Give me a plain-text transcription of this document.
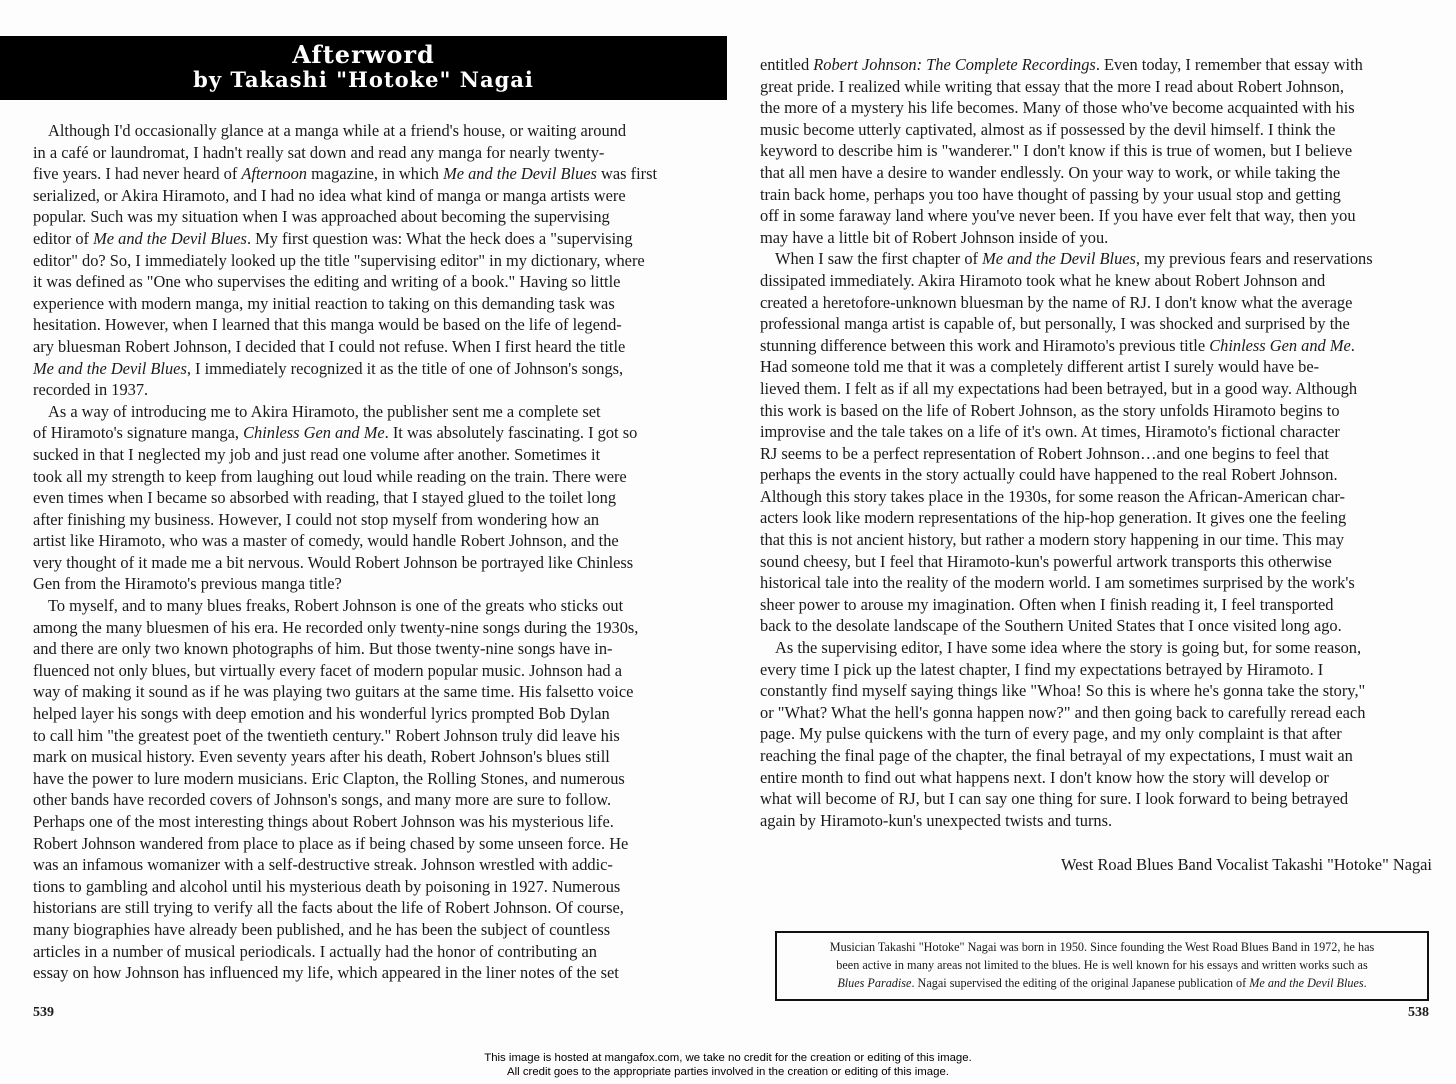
Afterword
by Takashi "Hotoke" Nagai
Although I'd occasionally glance at a manga while at a friend's house, or waiting around
in a café or laundromat, I hadn't really sat down and read any manga for nearly twenty-
five years. I had never heard of Afternoon magazine, in which Me and the Devil Blues was first
serialized, or Akira Hiramoto, and I had no idea what kind of manga or manga artists were
popular. Such was my situation when I was approached about becoming the supervising
editor of Me and the Devil Blues. My first question was: What the heck does a "supervising
editor" do? So, I immediately looked up the title "supervising editor" in my dictionary, where
it was defined as "One who supervises the editing and writing of a book." Having so little
experience with modern manga, my initial reaction to taking on this demanding task was
hesitation. However, when I learned that this manga would be based on the life of legend-
ary bluesman Robert Johnson, I decided that I could not refuse. When I first heard the title
Me and the Devil Blues, I immediately recognized it as the title of one of Johnson's songs,
recorded in 1937.
As a way of introducing me to Akira Hiramoto, the publisher sent me a complete set
of Hiramoto's signature manga, Chinless Gen and Me. It was absolutely fascinating. I got so
sucked in that I neglected my job and just read one volume after another. Sometimes it
took all my strength to keep from laughing out loud while reading on the train. There were
even times when I became so absorbed with reading, that I stayed glued to the toilet long
after finishing my business. However, I could not stop myself from wondering how an
artist like Hiramoto, who was a master of comedy, would handle Robert Johnson, and the
very thought of it made me a bit nervous. Would Robert Johnson be portrayed like Chinless
Gen from the Hiramoto's previous manga title?
To myself, and to many blues freaks, Robert Johnson is one of the greats who sticks out
among the many bluesmen of his era. He recorded only twenty-nine songs during the 1930s,
and there are only two known photographs of him. But those twenty-nine songs have in-
fluenced not only blues, but virtually every facet of modern popular music. Johnson had a
way of making it sound as if he was playing two guitars at the same time. His falsetto voice
helped layer his songs with deep emotion and his wonderful lyrics prompted Bob Dylan
to call him "the greatest poet of the twentieth century." Robert Johnson truly did leave his
mark on musical history. Even seventy years after his death, Robert Johnson's blues still
have the power to lure modern musicians. Eric Clapton, the Rolling Stones, and numerous
other bands have recorded covers of Johnson's songs, and many more are sure to follow.
Perhaps one of the most interesting things about Robert Johnson was his mysterious life.
Robert Johnson wandered from place to place as if being chased by some unseen force. He
was an infamous womanizer with a self-destructive streak. Johnson wrestled with addic-
tions to gambling and alcohol until his mysterious death by poisoning in 1927. Numerous
historians are still trying to verify all the facts about the life of Robert Johnson. Of course,
many biographies have already been published, and he has been the subject of countless
articles in a number of musical periodicals. I actually had the honor of contributing an
essay on how Johnson has influenced my life, which appeared in the liner notes of the set
539
entitled Robert Johnson: The Complete Recordings. Even today, I remember that essay with
great pride. I realized while writing that essay that the more I read about Robert Johnson,
the more of a mystery his life becomes. Many of those who've become acquainted with his
music become utterly captivated, almost as if possessed by the devil himself. I think the
keyword to describe him is "wanderer." I don't know if this is true of women, but I believe
that all men have a desire to wander endlessly. On your way to work, or while taking the
train back home, perhaps you too have thought of passing by your usual stop and getting
off in some faraway land where you've never been. If you have ever felt that way, then you
may have a little bit of Robert Johnson inside of you.
When I saw the first chapter of Me and the Devil Blues, my previous fears and reservations
dissipated immediately. Akira Hiramoto took what he knew about Robert Johnson and
created a heretofore-unknown bluesman by the name of RJ. I don't know what the average
professional manga artist is capable of, but personally, I was shocked and surprised by the
stunning difference between this work and Hiramoto's previous title Chinless Gen and Me.
Had someone told me that it was a completely different artist I surely would have be-
lieved them. I felt as if all my expectations had been betrayed, but in a good way. Although
this work is based on the life of Robert Johnson, as the story unfolds Hiramoto begins to
improvise and the tale takes on a life of it's own. At times, Hiramoto's fictional character
RJ seems to be a perfect representation of Robert Johnson…and one begins to feel that
perhaps the events in the story actually could have happened to the real Robert Johnson.
Although this story takes place in the 1930s, for some reason the African-American char-
acters look like modern representations of the hip-hop generation. It gives one the feeling
that this is not ancient history, but rather a modern story happening in our time. This may
sound cheesy, but I feel that Hiramoto-kun's powerful artwork transports this otherwise
historical tale into the reality of the modern world. I am sometimes surprised by the work's
sheer power to arouse my imagination. Often when I finish reading it, I feel transported
back to the desolate landscape of the Southern United States that I once visited long ago.
As the supervising editor, I have some idea where the story is going but, for some reason,
every time I pick up the latest chapter, I find my expectations betrayed by Hiramoto. I
constantly find myself saying things like "Whoa! So this is where he's gonna take the story,"
or "What? What the hell's gonna happen now?" and then going back to carefully reread each
page. My pulse quickens with the turn of every page, and my only complaint is that after
reaching the final page of the chapter, the final betrayal of my expectations, I must wait an
entire month to find out what happens next. I don't know how the story will develop or
what will become of RJ, but I can say one thing for sure. I look forward to being betrayed
again by Hiramoto-kun's unexpected twists and turns.
West Road Blues Band Vocalist Takashi "Hotoke" Nagai
Musician Takashi "Hotoke" Nagai was born in 1950. Since founding the West Road Blues Band in 1972, he has
been active in many areas not limited to the blues. He is well known for his essays and written works such as
Blues Paradise. Nagai supervised the editing of the original Japanese publication of Me and the Devil Blues.
538
This image is hosted at mangafox.com, we take no credit for the creation or editing of this image.
All credit goes to the appropriate parties involved in the creation or editing of this image.
